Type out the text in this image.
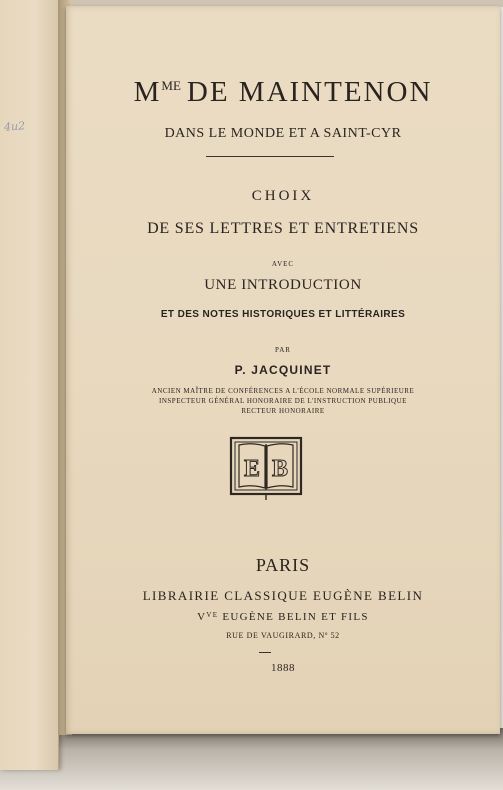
4u2
$M^{ME}$ DE MAINTENON
DANS LE MONDE ET A SAINT-CYR
CHOIX
DE SES LETTRES ET ENTRETIENS
AVEC
UNE INTRODUCTION
ET DES NOTES HISTORIQUES ET LITTÉRAIRES
PAR
P. JACQUINET
ANCIEN MAÎTRE DE CONFÉRENCES A L'ÉCOLE NORMALE SUPÉRIEURE
INSPECTEUR GÉNÉRAL HONORAIRE DE L'INSTRUCTION PUBLIQUE
RECTEUR HONORAIRE
E B
PARIS
LIBRAIRIE CLASSIQUE EUGÈNE BELIN
$V^{VE}$ EUGÈNE BELIN ET FILS
RUE DE VAUGIRARD, Nº 52
1888
